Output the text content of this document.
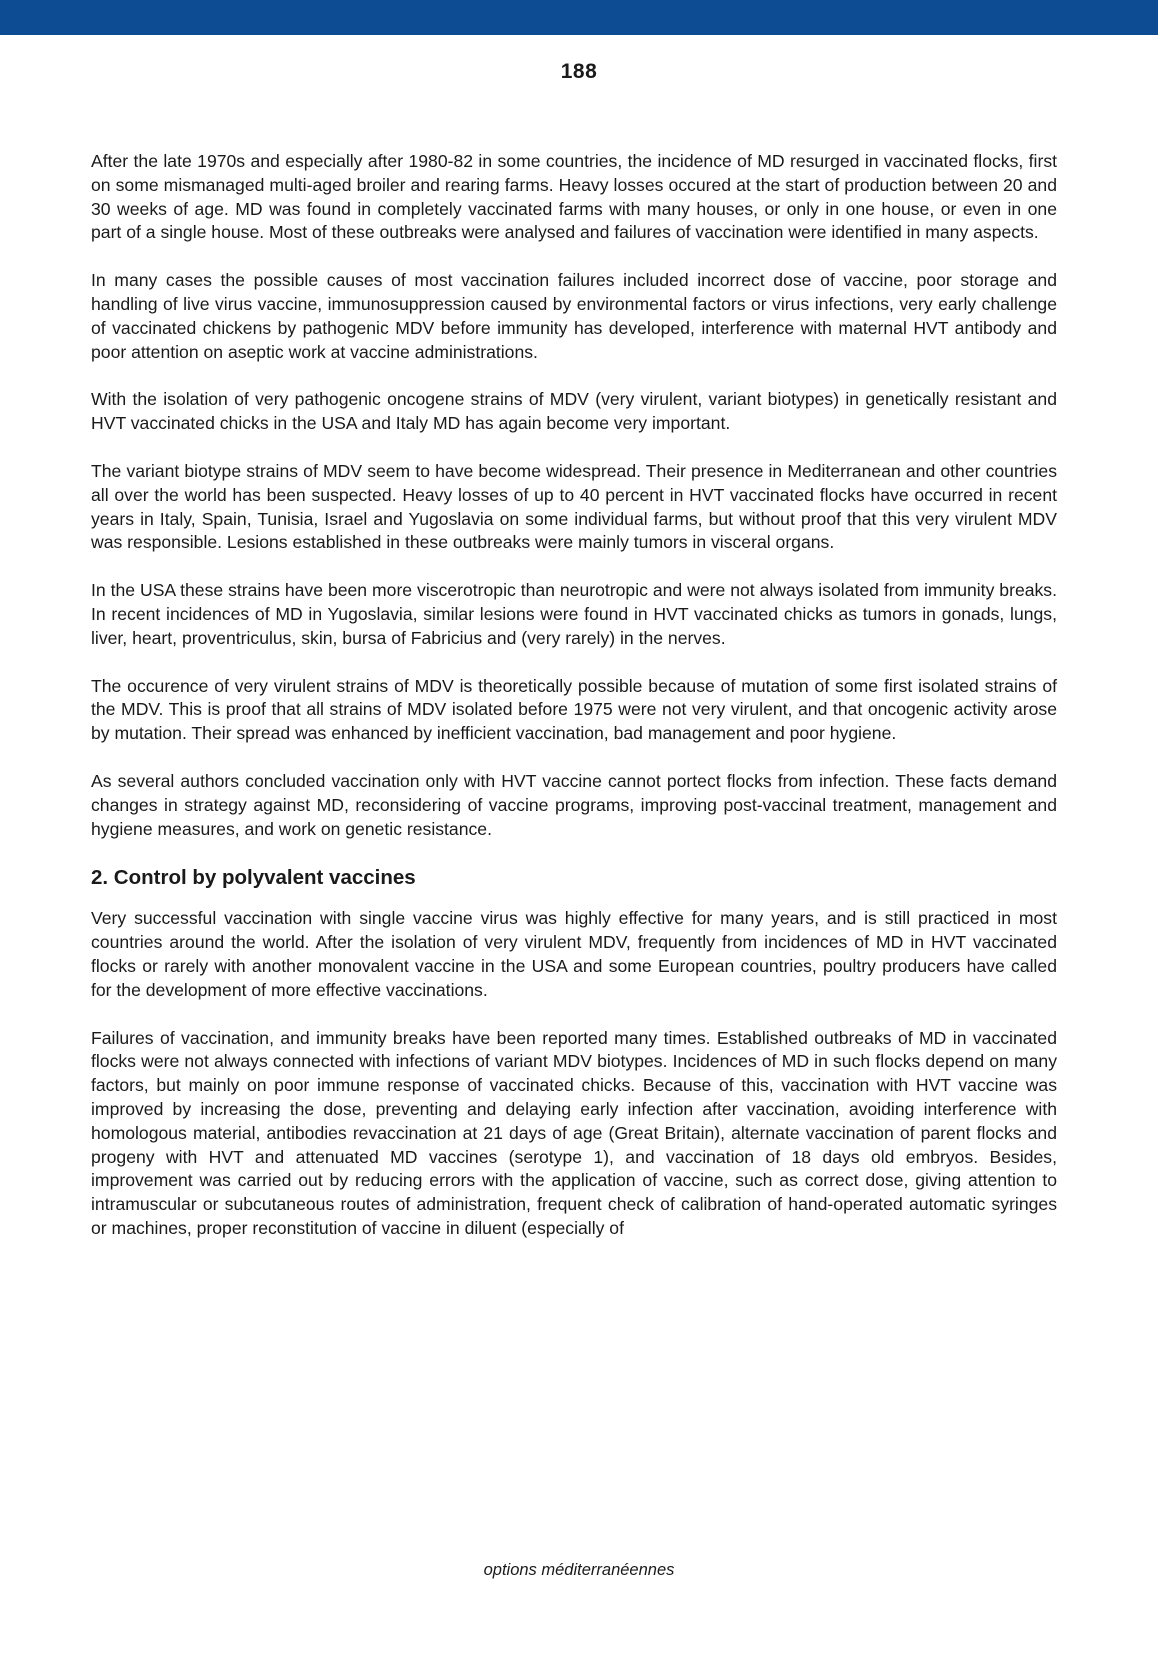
188

After the late 1970s and especially after 1980-82 in some countries, the incidence of MD resurged in vaccinated flocks, first on some mismanaged multi-aged broiler and rearing farms. Heavy losses occured at the start of production between 20 and 30 weeks of age. MD was found in completely vaccinated farms with many houses, or only in one house, or even in one part of a single house. Most of these outbreaks were analysed and failures of vaccination were identified in many aspects.

In many cases the possible causes of most vaccination failures included incorrect dose of vaccine, poor storage and handling of live virus vaccine, immunosuppression caused by environmental factors or virus infections, very early challenge of vaccinated chickens by pathogenic MDV before immunity has developed, interference with maternal HVT antibody and poor attention on aseptic work at vaccine administrations.

With the isolation of very pathogenic oncogene strains of MDV (very virulent, variant biotypes) in genetically resistant and HVT vaccinated chicks in the USA and Italy MD has again become very important.

The variant biotype strains of MDV seem to have become widespread. Their presence in Mediterranean and other countries all over the world has been suspected. Heavy losses of up to 40 percent in HVT vaccinated flocks have occurred in recent years in Italy, Spain, Tunisia, Israel and Yugoslavia on some individual farms, but without proof that this very virulent MDV was responsible. Lesions established in these outbreaks were mainly tumors in visceral organs.

In the USA these strains have been more viscerotropic than neurotropic and were not always isolated from immunity breaks. In recent incidences of MD in Yugoslavia, similar lesions were found in HVT vaccinated chicks as tumors in gonads, lungs, liver, heart, proventriculus, skin, bursa of Fabricius and (very rarely) in the nerves.

The occurence of very virulent strains of MDV is theoretically possible because of mutation of some first isolated strains of the MDV. This is proof that all strains of MDV isolated before 1975 were not very virulent, and that oncogenic activity arose by mutation. Their spread was enhanced by inefficient vaccination, bad management and poor hygiene.

As several authors concluded vaccination only with HVT vaccine cannot portect flocks from infection. These facts demand changes in strategy against MD, reconsidering of vaccine programs, improving post-vaccinal treatment, management and hygiene measures, and work on genetic resistance.

2. Control by polyvalent vaccines

Very successful vaccination with single vaccine virus was highly effective for many years, and is still practiced in most countries around the world. After the isolation of very virulent MDV, frequently from incidences of MD in HVT vaccinated flocks or rarely with another monovalent vaccine in the USA and some European countries, poultry producers have called for the development of more effective vaccinations.

Failures of vaccination, and immunity breaks have been reported many times. Established outbreaks of MD in vaccinated flocks were not always connected with infections of variant MDV biotypes. Incidences of MD in such flocks depend on many factors, but mainly on poor immune response of vaccinated chicks. Because of this, vaccination with HVT vaccine was improved by increasing the dose, preventing and delaying early infection after vaccination, avoiding interference with homologous material, antibodies revaccination at 21 days of age (Great Britain), alternate vaccination of parent flocks and progeny with HVT and attenuated MD vaccines (serotype 1), and vaccination of 18 days old embryos. Besides, improvement was carried out by reducing errors with the application of vaccine, such as correct dose, giving attention to intramuscular or subcutaneous routes of administration, frequent check of calibration of hand-operated automatic syringes or machines, proper reconstitution of vaccine in diluent (especially of

options méditerranéennes
